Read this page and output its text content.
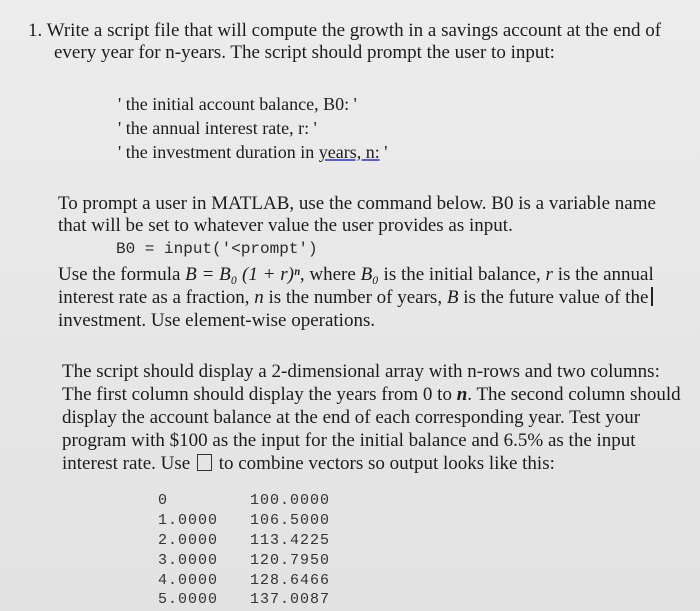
1. Write a script file that will compute the growth in a savings account at the end of
every year for n-years. The script should prompt the user to input:
' the initial account balance, B0: '
' the annual interest rate, r: '
' the investment duration in years, n: '
To prompt a user in MATLAB, use the command below. B0 is a variable name
that will be set to whatever value the user provides as input.
B0 = input('<prompt')
Use the formula B = B₀ (1 + r)ⁿ, where B₀ is the initial balance, r is the annual
interest rate as a fraction, n is the number of years, B is the future value of the
investment. Use element-wise operations.
The script should display a 2-dimensional array with n-rows and two columns:
The first column should display the years from 0 to n. The second column should
display the account balance at the end of each corresponding year. Test your
program with $100 as the input for the initial balance and 6.5% as the input
interest rate. Use  to combine vectors so output looks like this:
0	100.0000
1.0000 106.5000
2.0000 113.4225
3.0000 120.7950
4.0000 128.6466
5.0000 137.0087
